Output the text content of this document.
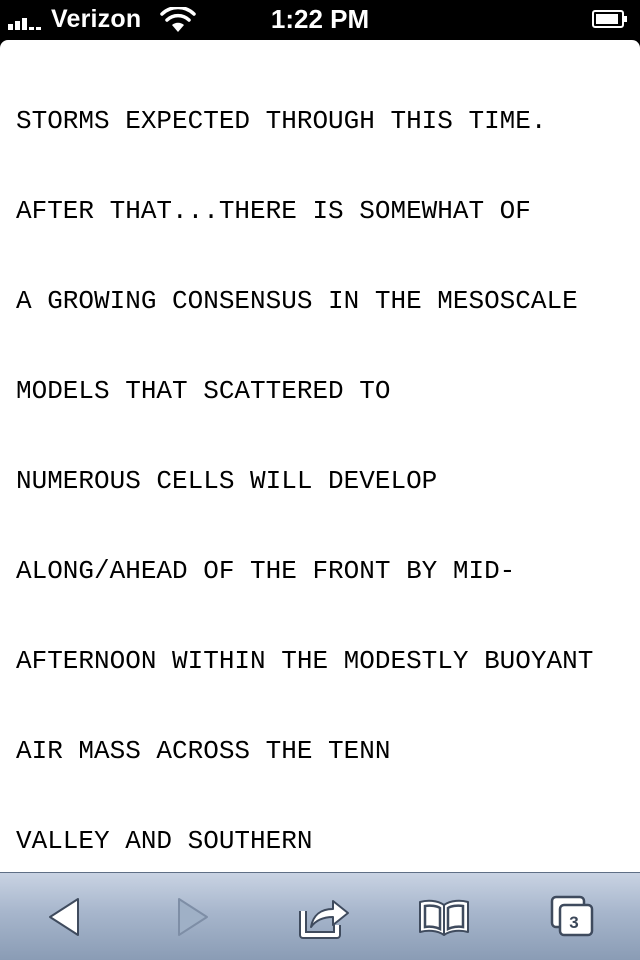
Verizon	1:22 PM

STORMS EXPECTED THROUGH THIS TIME.

AFTER THAT...THERE IS SOMEWHAT OF

A GROWING CONSENSUS IN THE MESOSCALE

MODELS THAT SCATTERED TO

NUMEROUS CELLS WILL DEVELOP

ALONG/AHEAD OF THE FRONT BY MID-

AFTERNOON WITHIN THE MODESTLY BUOYANT

AIR MASS ACROSS THE TENN

VALLEY AND SOUTHERN

3
